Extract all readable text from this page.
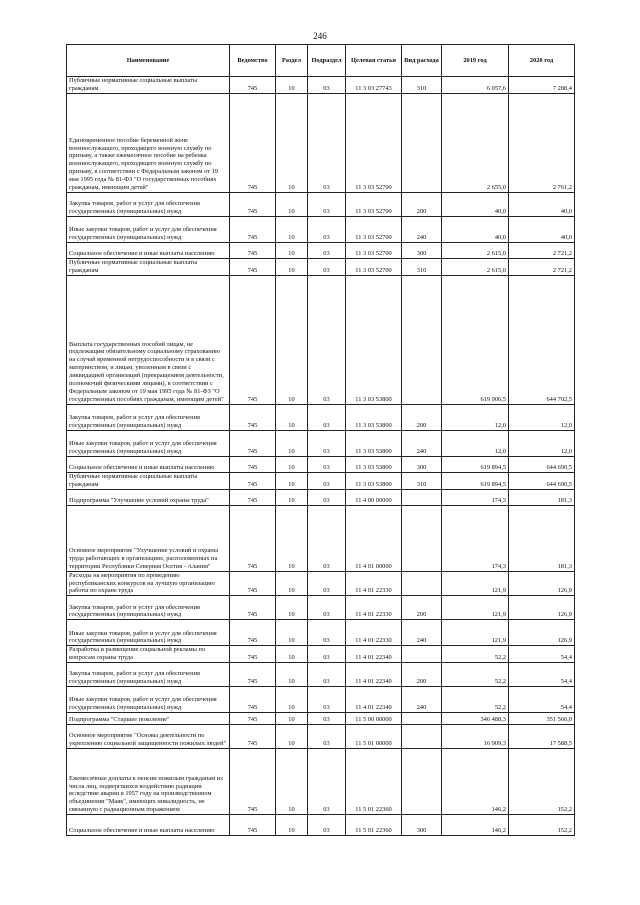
246
Наименование	Ведомство	Раздел	Подраздел	Целевая статья	Вид расхода	2019 год	2020 год
Публичные нормативные социальные выплаты гражданам	745	10	03	11 3 03 27743	310	6 057,6	7 288,4
Единовременное пособие беременной жене военнослужащего, проходящего военную службу по призыву, а также ежемесячное пособие на ребенка военнослужащего, проходящего военную службу по призыву, в соответствии с Федеральным законом от 19 мая 1995 года № 81-ФЗ "О государственных пособиях гражданам, имеющим детей"	745	10	03	11 3 03 52700		2 655,0	2 761,2
Закупка товаров, работ и услуг для обеспечения государственных (муниципальных) нужд	745	10	03	11 3 03 52700	200	40,0	40,0
Иные закупки товаров, работ и услуг для обеспечения государственных (муниципальных) нужд	745	10	03	11 3 03 52700	240	40,0	40,0
Социальное обеспечение и иные выплаты населению	745	10	03	11 3 03 52700	300	2 615,0	2 721,2
Публичные нормативные социальные выплаты гражданам	745	10	03	11 3 03 52700	310	2 615,0	2 721,2
Выплата государственных пособий лицам, не подлежащим обязательному социальному страхованию на случай временной нетрудоспособности и в связи с материнством, и лицам, уволенным в связи с ликвидацией организаций (прекращением деятельности, полномочий физическими лицами), в соответствии с Федеральным законом от 19 мая 1995 года № 81-ФЗ "О государственных пособиях гражданам, имеющим детей"	745	10	03	11 3 03 53800		619 906,5	644 702,5
Закупка товаров, работ и услуг для обеспечения государственных (муниципальных) нужд	745	10	03	11 3 03 53800	200	12,0	12,0
Иные закупки товаров, работ и услуг для обеспечения государственных (муниципальных) нужд	745	10	03	11 3 03 53800	240	12,0	12,0
Социальное обеспечение и иные выплаты населению	745	10	03	11 3 03 53800	300	619 894,5	644 690,5
Публичные нормативные социальные выплаты гражданам	745	10	03	11 3 03 53800	310	619 894,5	644 690,5
Подпрограмма "Улучшение условий охраны труда"	745	10	03	11 4 00 00000		174,3	181,3
Основное мероприятие "Улучшение условий и охраны труда работающих в организациях, расположенных на территории Республики Северная Осетия - Алания"	745	10	03	11 4 01 00000		174,3	181,3
Расходы на мероприятия по проведению республиканских конкурсов на лучшую организацию работы по охране труда	745	10	03	11 4 01 22330		121,9	126,9
Закупка товаров, работ и услуг для обеспечения государственных (муниципальных) нужд	745	10	03	11 4 01 22330	200	121,9	126,9
Иные закупки товаров, работ и услуг для обеспечения государственных (муниципальных) нужд	745	10	03	11 4 01 22330	240	121,9	126,9
Разработка и размещение социальной рекламы по вопросам охраны труда	745	10	03	11 4 01 22340		52,2	54,4
Закупка товаров, работ и услуг для обеспечения государственных (муниципальных) нужд	745	10	03	11 4 01 22340	200	52,2	54,4
Иные закупки товаров, работ и услуг для обеспечения государственных (муниципальных) нужд	745	10	03	11 4 01 22340	240	52,2	54,4
Подпрограмма "Старшее поколение"	745	10	03	11 5 00 00000		346 488,3	351 566,0
Основное мероприятие "Основы деятельности по укреплению социальной защищенности пожилых людей"	745	10	03	11 5 01 00000		16 909,3	17 588,5
Ежемесячные доплаты к пенсии пожилым гражданам из числа лиц, подвергшихся воздействию радиации вследствие аварии в 1957 году на производственном объединении "Маяк", имеющих инвалидность, не связанную с радиационным поражением	745	10	03	11 5 01 22360		146,2	152,2
Социальное обеспечение и иные выплаты населению	745	10	03	11 5 01 22360	300	146,2	152,2
